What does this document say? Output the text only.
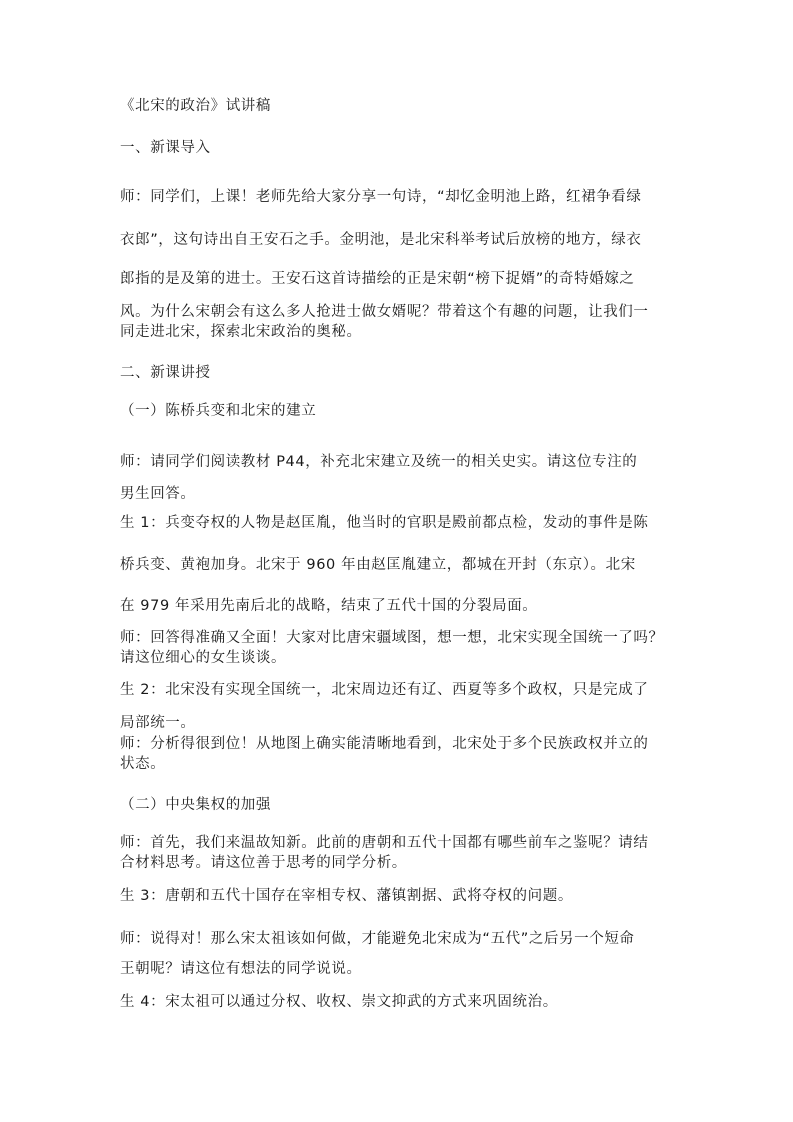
《北宋的政治》试讲稿

一、新课导入

师：同学们，上课！老师先给大家分享一句诗，“却忆金明池上路，红裙争看绿

衣郎”，这句诗出自王安石之手。金明池，是北宋科举考试后放榜的地方，绿衣

郎指的是及第的进士。王安石这首诗描绘的正是宋朝“榜下捉婿”的奇特婚嫁之

风。为什么宋朝会有这么多人抢进士做女婿呢？带着这个有趣的问题，让我们一

同走进北宋，探索北宋政治的奥秘。

二、新课讲授

（一）陈桥兵变和北宋的建立

师：请同学们阅读教材 P44，补充北宋建立及统一的相关史实。请这位专注的

男生回答。

生 1：兵变夺权的人物是赵匡胤，他当时的官职是殿前都点检，发动的事件是陈

桥兵变、黄袍加身。北宋于 960 年由赵匡胤建立，都城在开封（东京）。北宋

在 979 年采用先南后北的战略，结束了五代十国的分裂局面。

师：回答得准确又全面！大家对比唐宋疆域图，想一想，北宋实现全国统一了吗？

请这位细心的女生谈谈。

生 2：北宋没有实现全国统一，北宋周边还有辽、西夏等多个政权，只是完成了

局部统一。

师：分析得很到位！从地图上确实能清晰地看到，北宋处于多个民族政权并立的

状态。

（二）中央集权的加强

师：首先，我们来温故知新。此前的唐朝和五代十国都有哪些前车之鉴呢？请结

合材料思考。请这位善于思考的同学分析。

生 3：唐朝和五代十国存在宰相专权、藩镇割据、武将夺权的问题。

师：说得对！那么宋太祖该如何做，才能避免北宋成为“五代”之后另一个短命

王朝呢？请这位有想法的同学说说。

生 4：宋太祖可以通过分权、收权、崇文抑武的方式来巩固统治。
